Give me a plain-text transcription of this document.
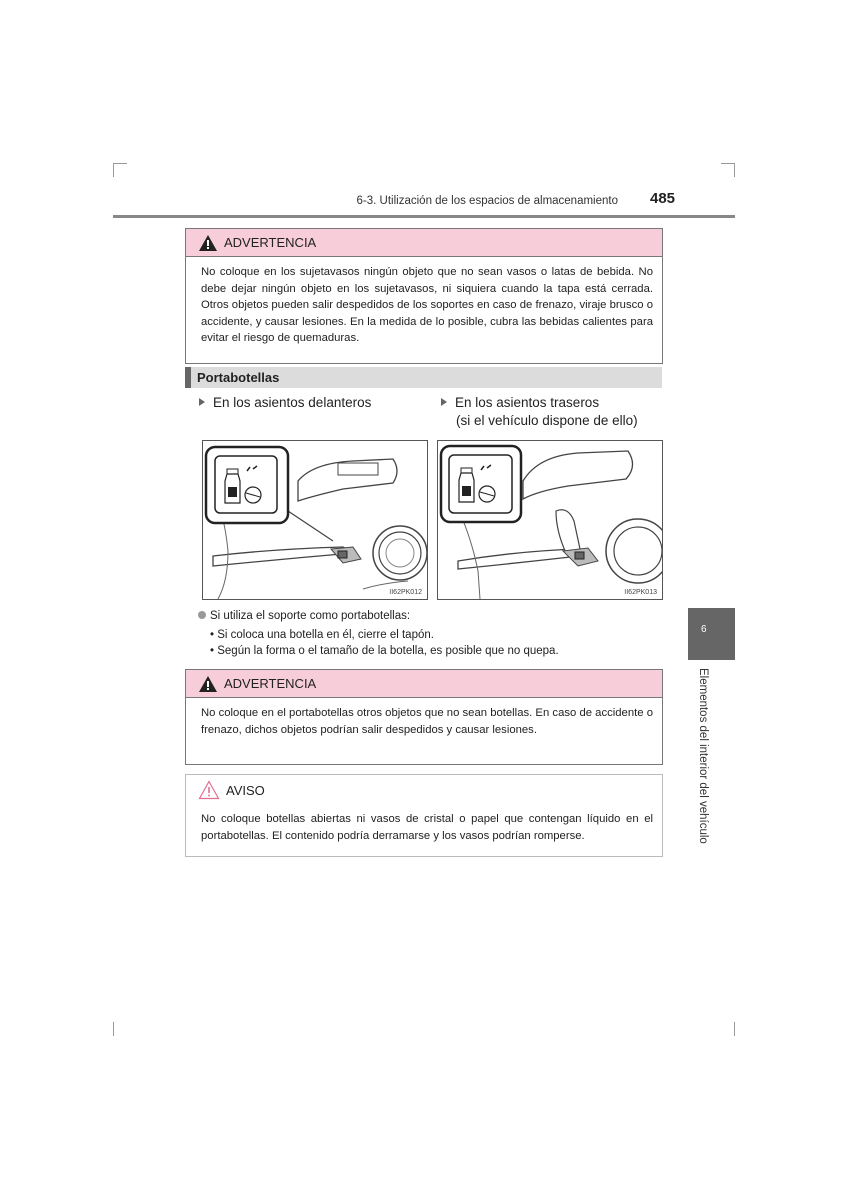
6-3. Utilización de los espacios de almacenamiento 485
ADVERTENCIA
No coloque en los sujetavasos ningún objeto que no sean vasos o latas de bebida. No debe dejar ningún objeto en los sujetavasos, ni siquiera cuando la tapa está cerrada. Otros objetos pueden salir despedidos de los soportes en caso de frenazo, viraje brusco o accidente, y causar lesiones. En la medida de lo posible, cubra las bebidas calientes para evitar el riesgo de quemaduras.
Portabotellas
En los asientos delanteros	En los asientos traseros
(si el vehículo dispone de ello)
II62PK012	II62PK013
Si utiliza el soporte como portabotellas:
• Si coloca una botella en él, cierre el tapón.
• Según la forma o el tamaño de la botella, es posible que no quepa.
ADVERTENCIA
No coloque en el portabotellas otros objetos que no sean botellas. En caso de accidente o frenazo, dichos objetos podrían salir despedidos y causar lesiones.
AVISO
No coloque botellas abiertas ni vasos de cristal o papel que contengan líquido en el portabotellas. El contenido podría derramarse y los vasos podrían romperse.
6
Elementos del interior del vehículo
